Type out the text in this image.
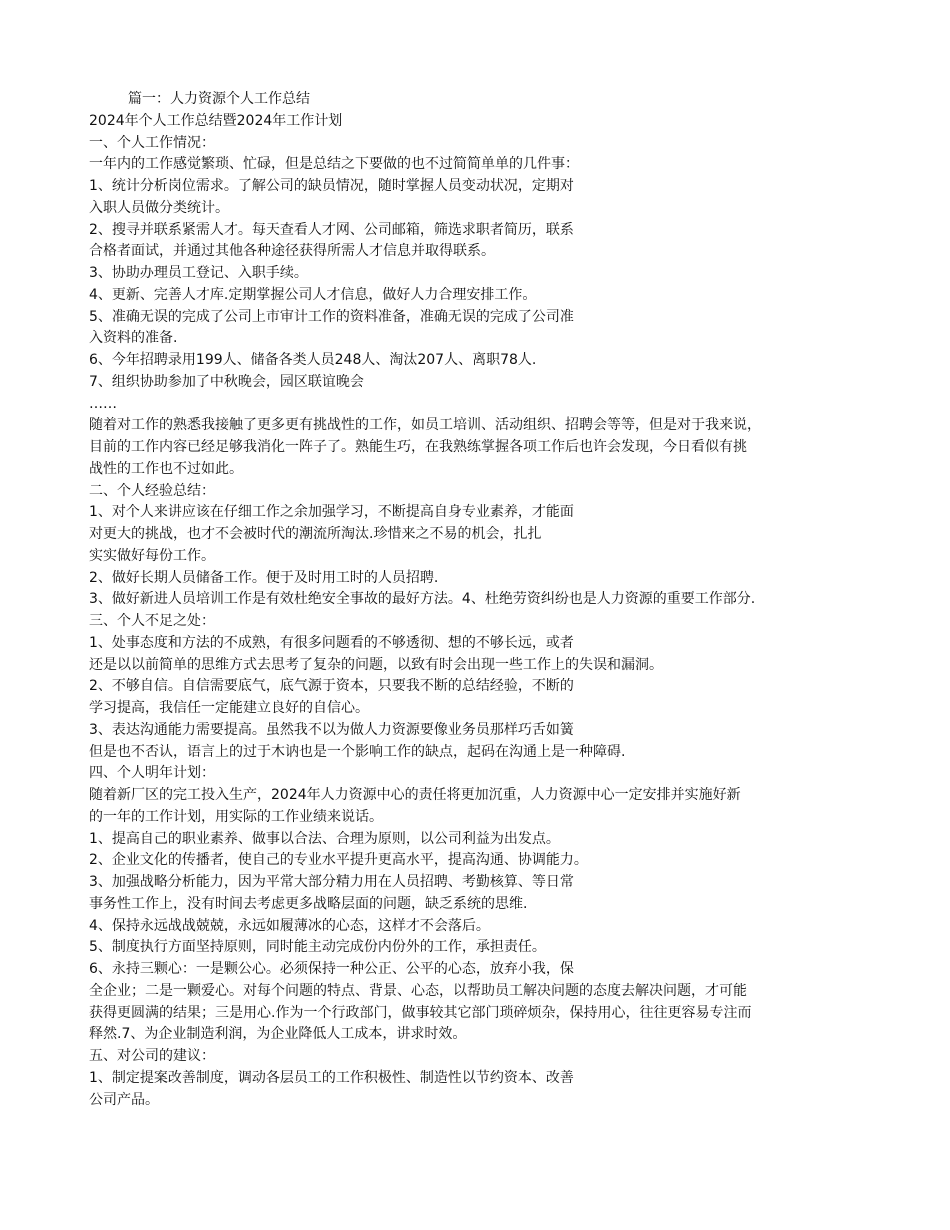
篇一：人力资源个人工作总结
2024年个人工作总结暨2024年工作计划
一、个人工作情况：
一年内的工作感觉繁琐、忙碌，但是总结之下要做的也不过简简单单的几件事：
1、统计分析岗位需求。了解公司的缺员情况，随时掌握人员变动状况，定期对
入职人员做分类统计。
2、搜寻并联系紧需人才。每天查看人才网、公司邮箱，筛选求职者简历，联系
合格者面试，并通过其他各种途径获得所需人才信息并取得联系。
3、协助办理员工登记、入职手续。
4、更新、完善人才库.定期掌握公司人才信息，做好人力合理安排工作。
5、准确无误的完成了公司上市审计工作的资料准备，准确无误的完成了公司准
入资料的准备.
6、今年招聘录用199人、储备各类人员248人、淘汰207人、离职78人.
7、组织协助参加了中秋晚会，园区联谊晚会
……
随着对工作的熟悉我接触了更多更有挑战性的工作，如员工培训、活动组织、招聘会等等，但是对于我来说，
目前的工作内容已经足够我消化一阵子了。熟能生巧，在我熟练掌握各项工作后也许会发现，今日看似有挑
战性的工作也不过如此。
二、个人经验总结：
1、对个人来讲应该在仔细工作之余加强学习，不断提高自身专业素养，才能面
对更大的挑战，也才不会被时代的潮流所淘汰.珍惜来之不易的机会，扎扎
实实做好每份工作。
2、做好长期人员储备工作。便于及时用工时的人员招聘.
3、做好新进人员培训工作是有效杜绝安全事故的最好方法。4、杜绝劳资纠纷也是人力资源的重要工作部分.
三、个人不足之处：
1、处事态度和方法的不成熟，有很多问题看的不够透彻、想的不够长远，或者
还是以以前简单的思维方式去思考了复杂的问题，以致有时会出现一些工作上的失误和漏洞。
2、不够自信。自信需要底气，底气源于资本，只要我不断的总结经验，不断的
学习提高，我信任一定能建立良好的自信心。
3、表达沟通能力需要提高。虽然我不以为做人力资源要像业务员那样巧舌如簧
但是也不否认，语言上的过于木讷也是一个影响工作的缺点，起码在沟通上是一种障碍.
四、个人明年计划：
随着新厂区的完工投入生产，2024年人力资源中心的责任将更加沉重，人力资源中心一定安排并实施好新
的一年的工作计划，用实际的工作业绩来说话。
1、提高自己的职业素养、做事以合法、合理为原则，以公司利益为出发点。
2、企业文化的传播者，使自己的专业水平提升更高水平，提高沟通、协调能力。
3、加强战略分析能力，因为平常大部分精力用在人员招聘、考勤核算、等日常
事务性工作上，没有时间去考虑更多战略层面的问题，缺乏系统的思维.
4、保持永远战战兢兢，永远如履薄冰的心态，这样才不会落后。
5、制度执行方面坚持原则，同时能主动完成份内份外的工作，承担责任。
6、永持三颗心：一是颗公心。必须保持一种公正、公平的心态，放弃小我，保
全企业；二是一颗爱心。对每个问题的特点、背景、心态，以帮助员工解决问题的态度去解决问题，才可能
获得更圆满的结果；三是用心.作为一个行政部门，做事较其它部门琐碎烦杂，保持用心，往往更容易专注而
释然.7、为企业制造利润，为企业降低人工成本，讲求时效。
五、对公司的建议：
1、制定提案改善制度，调动各层员工的工作积极性、制造性以节约资本、改善
公司产品。
